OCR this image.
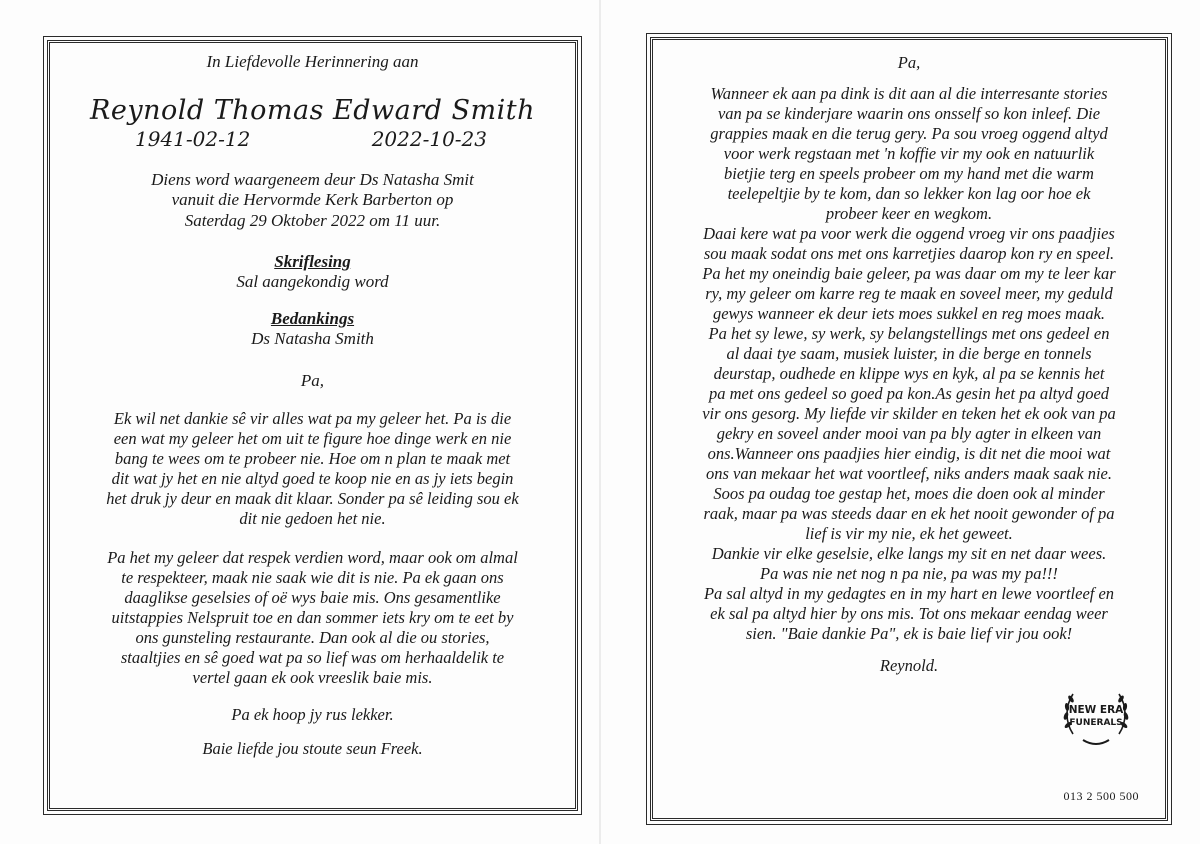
In Liefdevolle Herinnering aan
Reynold Thomas Edward Smith
1941-02-12	2022-10-23
Diens word waargeneem deur Ds Natasha Smit
vanuit die Hervormde Kerk Barberton op
Saterdag 29 Oktober 2022 om 11 uur.
Skriflesing
Sal aangekondig word
Bedankings
Ds Natasha Smith
Pa,
Ek wil net dankie sê vir alles wat pa my geleer het. Pa is die
een wat my geleer het om uit te figure hoe dinge werk en nie
bang te wees om te probeer nie. Hoe om n plan te maak met
dit wat jy het en nie altyd goed te koop nie en as jy iets begin
het druk jy deur en maak dit klaar. Sonder pa sê leiding sou ek
dit nie gedoen het nie.
Pa het my geleer dat respek verdien word, maar ook om almal
te respekteer, maak nie saak wie dit is nie. Pa ek gaan ons
daaglikse geselsies of oë wys baie mis. Ons gesamentlike
uitstappies Nelspruit toe en dan sommer iets kry om te eet by
ons gunsteling restaurante. Dan ook al die ou stories,
staaltjies en sê goed wat pa so lief was om herhaaldelik te
vertel gaan ek ook vreeslik baie mis.
Pa ek hoop jy rus lekker.
Baie liefde jou stoute seun Freek.
Pa,
Wanneer ek aan pa dink is dit aan al die interresante stories
van pa se kinderjare waarin ons onsself so kon inleef. Die
grappies maak en die terug gery. Pa sou vroeg oggend altyd
voor werk regstaan met 'n koffie vir my ook en natuurlik
bietjie terg en speels probeer om my hand met die warm
teelepeltjie by te kom, dan so lekker kon lag oor hoe ek
probeer keer en wegkom.
Daai kere wat pa voor werk die oggend vroeg vir ons paadjies
sou maak sodat ons met ons karretjies daarop kon ry en speel.
Pa het my oneindig baie geleer, pa was daar om my te leer kar
ry, my geleer om karre reg te maak en soveel meer, my geduld
gewys wanneer ek deur iets moes sukkel en reg moes maak.
Pa het sy lewe, sy werk, sy belangstellings met ons gedeel en
al daai tye saam, musiek luister, in die berge en tonnels
deurstap, oudhede en klippe wys en kyk, al pa se kennis het
pa met ons gedeel so goed pa kon.As gesin het pa altyd goed
vir ons gesorg. My liefde vir skilder en teken het ek ook van pa
gekry en soveel ander mooi van pa bly agter in elkeen van
ons.Wanneer ons paadjies hier eindig, is dit net die mooi wat
ons van mekaar het wat voortleef, niks anders maak saak nie.
Soos pa oudag toe gestap het, moes die doen ook al minder
raak, maar pa was steeds daar en ek het nooit gewonder of pa
lief is vir my nie, ek het geweet.
Dankie vir elke geselsie, elke langs my sit en net daar wees.
Pa was nie net nog n pa nie, pa was my pa!!!
Pa sal altyd in my gedagtes en in my hart en lewe voortleef en
ek sal pa altyd hier by ons mis. Tot ons mekaar eendag weer
sien. "Baie dankie Pa", ek is baie lief vir jou ook!
Reynold.
NEW ERA
FUNERALS
013 2 500 500
